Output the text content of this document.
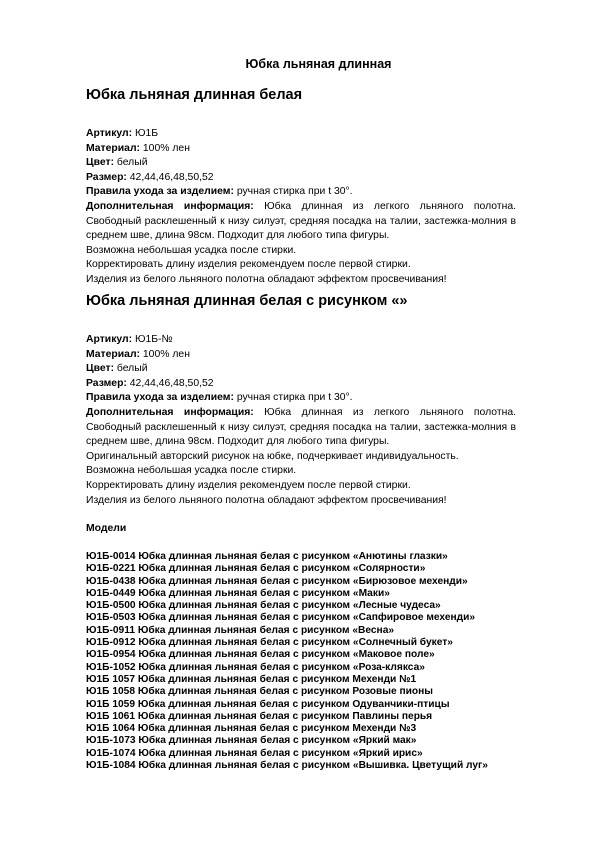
Юбка льняная длинная
Юбка льняная длинная белая
Артикул: Ю1Б
Материал: 100% лен
Цвет: белый
Размер: 42,44,46,48,50,52
Правила ухода за изделием: ручная стирка при t 30°.
Дополнительная информация: Юбка длинная из легкого льняного полотна. Свободный расклешенный к низу силуэт, средняя посадка на талии, застежка-молния в среднем шве, длина 98см. Подходит для любого типа фигуры.
Возможна небольшая усадка после стирки.
Корректировать длину изделия рекомендуем после первой стирки.
Изделия из белого льняного полотна обладают эффектом просвечивания!
Юбка льняная длинная белая с рисунком «»
Артикул: Ю1Б-№
Материал: 100% лен
Цвет: белый
Размер: 42,44,46,48,50,52
Правила ухода за изделием: ручная стирка при t 30°.
Дополнительная информация: Юбка длинная из легкого льняного полотна. Свободный расклешенный к низу силуэт, средняя посадка на талии, застежка-молния в среднем шве, длина 98см. Подходит для любого типа фигуры.
Оригинальный авторский рисунок на юбке, подчеркивает индивидуальность.
Возможна небольшая усадка после стирки.
Корректировать длину изделия рекомендуем после первой стирки.
Изделия из белого льняного полотна обладают эффектом просвечивания!
Модели
Ю1Б-0014 Юбка длинная льняная белая с рисунком «Анютины глазки»
Ю1Б-0221 Юбка длинная льняная белая с рисунком «Солярности»
Ю1Б-0438 Юбка длинная льняная белая с рисунком «Бирюзовое мехенди»
Ю1Б-0449 Юбка длинная льняная белая с рисунком «Маки»
Ю1Б-0500 Юбка длинная льняная белая с рисунком «Лесные чудеса»
Ю1Б-0503 Юбка длинная льняная белая с рисунком «Сапфировое мехенди»
Ю1Б-0911 Юбка длинная льняная белая с рисунком «Весна»
Ю1Б-0912 Юбка длинная льняная белая с рисунком «Солнечный букет»
Ю1Б-0954 Юбка длинная льняная белая с рисунком «Маковое поле»
Ю1Б-1052 Юбка длинная льняная белая с рисунком «Роза-клякса»
Ю1Б 1057 Юбка длинная льняная белая с рисунком Мехенди №1
Ю1Б 1058 Юбка длинная льняная белая с рисунком Розовые пионы
Ю1Б 1059 Юбка длинная льняная белая с рисунком Одуванчики-птицы
Ю1Б 1061 Юбка длинная льняная белая с рисунком Павлины перья
Ю1Б 1064 Юбка длинная льняная белая с рисунком Мехенди №3
Ю1Б-1073 Юбка длинная льняная белая с рисунком «Яркий мак»
Ю1Б-1074 Юбка длинная льняная белая с рисунком «Яркий ирис»
Ю1Б-1084 Юбка длинная льняная белая с рисунком «Вышивка. Цветущий луг»
